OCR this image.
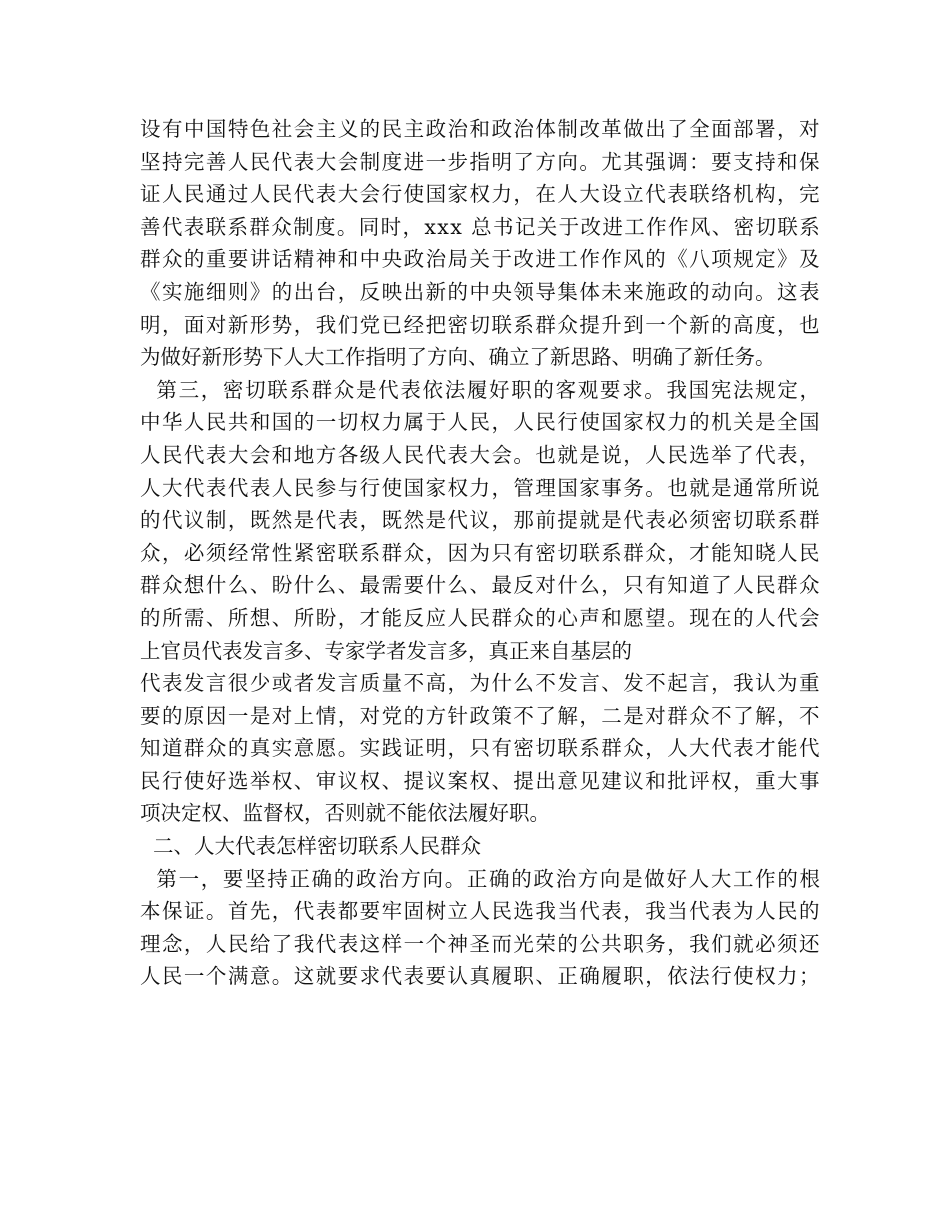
设有中国特色社会主义的民主政治和政治体制改革做出了全面部署，对
坚持完善人民代表大会制度进一步指明了方向。尤其强调：要支持和保
证人民通过人民代表大会行使国家权力，在人大设立代表联络机构，完
善代表联系群众制度。同时，xxx 总书记关于改进工作作风、密切联系
群众的重要讲话精神和中央政治局关于改进工作作风的《八项规定》及
《实施细则》的出台，反映出新的中央领导集体未来施政的动向。这表
明，面对新形势，我们党已经把密切联系群众提升到一个新的高度，也
为做好新形势下人大工作指明了方向、确立了新思路、明确了新任务。
第三，密切联系群众是代表依法履好职的客观要求。我国宪法规定，
中华人民共和国的一切权力属于人民，人民行使国家权力的机关是全国
人民代表大会和地方各级人民代表大会。也就是说，人民选举了代表，
人大代表代表人民参与行使国家权力，管理国家事务。也就是通常所说
的代议制，既然是代表，既然是代议，那前提就是代表必须密切联系群
众，必须经常性紧密联系群众，因为只有密切联系群众，才能知晓人民
群众想什么、盼什么、最需要什么、最反对什么，只有知道了人民群众
的所需、所想、所盼，才能反应人民群众的心声和愿望。现在的人代会
上官员代表发言多、专家学者发言多，真正来自基层的
代表发言很少或者发言质量不高，为什么不发言、发不起言，我认为重
要的原因一是对上情，对党的方针政策不了解，二是对群众不了解，不
知道群众的真实意愿。实践证明，只有密切联系群众，人大代表才能代
民行使好选举权、审议权、提议案权、提出意见建议和批评权，重大事
项决定权、监督权，否则就不能依法履好职。
二、人大代表怎样密切联系人民群众
第一，要坚持正确的政治方向。正确的政治方向是做好人大工作的根
本保证。首先，代表都要牢固树立人民选我当代表，我当代表为人民的
理念，人民给了我代表这样一个神圣而光荣的公共职务，我们就必须还
人民一个满意。这就要求代表要认真履职、正确履职，依法行使权力；
